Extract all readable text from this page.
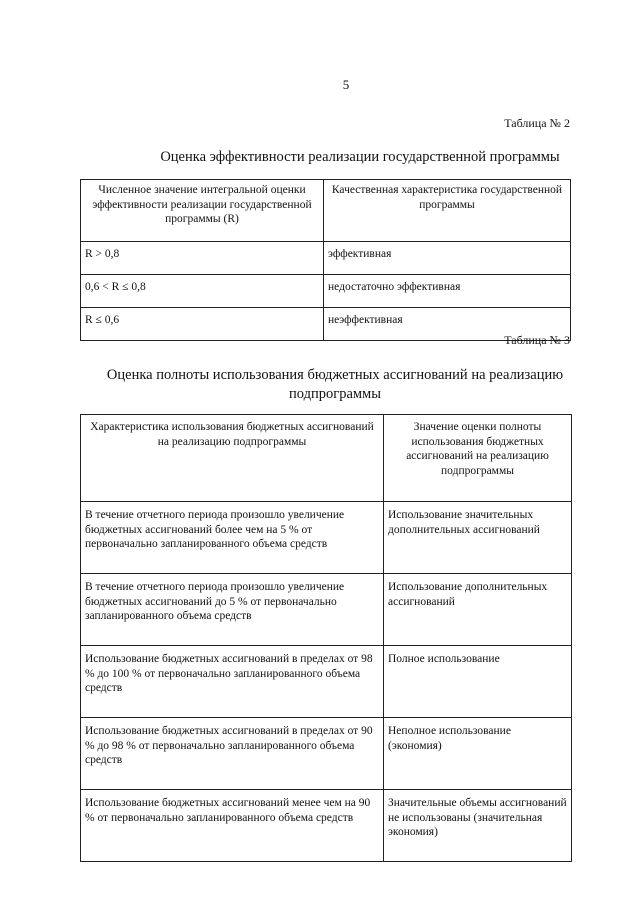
5
Таблица № 2
Оценка эффективности реализации государственной программы
Численное значение интегральной оценки эффективности реализации государственной программы (R)	Качественная характеристика государственной программы
R > 0,8	эффективная
0,6 < R ≤ 0,8	недостаточно эффективная
R ≤ 0,6	неэффективная
Таблица № 3
Оценка полноты использования бюджетных ассигнований на реализацию подпрограммы
Характеристика использования бюджетных ассигнований на реализацию подпрограммы	Значение оценки полноты использования бюджетных ассигнований на реализацию подпрограммы
В течение отчетного периода произошло увеличение бюджетных ассигнований более чем на 5 % от первоначально запланированного объема средств	Использование значительных дополнительных ассигнований
В течение отчетного периода произошло увеличение бюджетных ассигнований до 5 % от первоначально запланированного объема средств	Использование дополнительных ассигнований
Использование бюджетных ассигнований в пределах от 98 % до 100 % от первоначально запланированного объема средств	Полное использование
Использование бюджетных ассигнований в пределах от 90 % до 98 % от первоначально запланированного объема средств	Неполное использование (экономия)
Использование бюджетных ассигнований менее чем на 90 % от первоначально запланированного объема средств	Значительные объемы ассигнований не использованы (значительная экономия)
